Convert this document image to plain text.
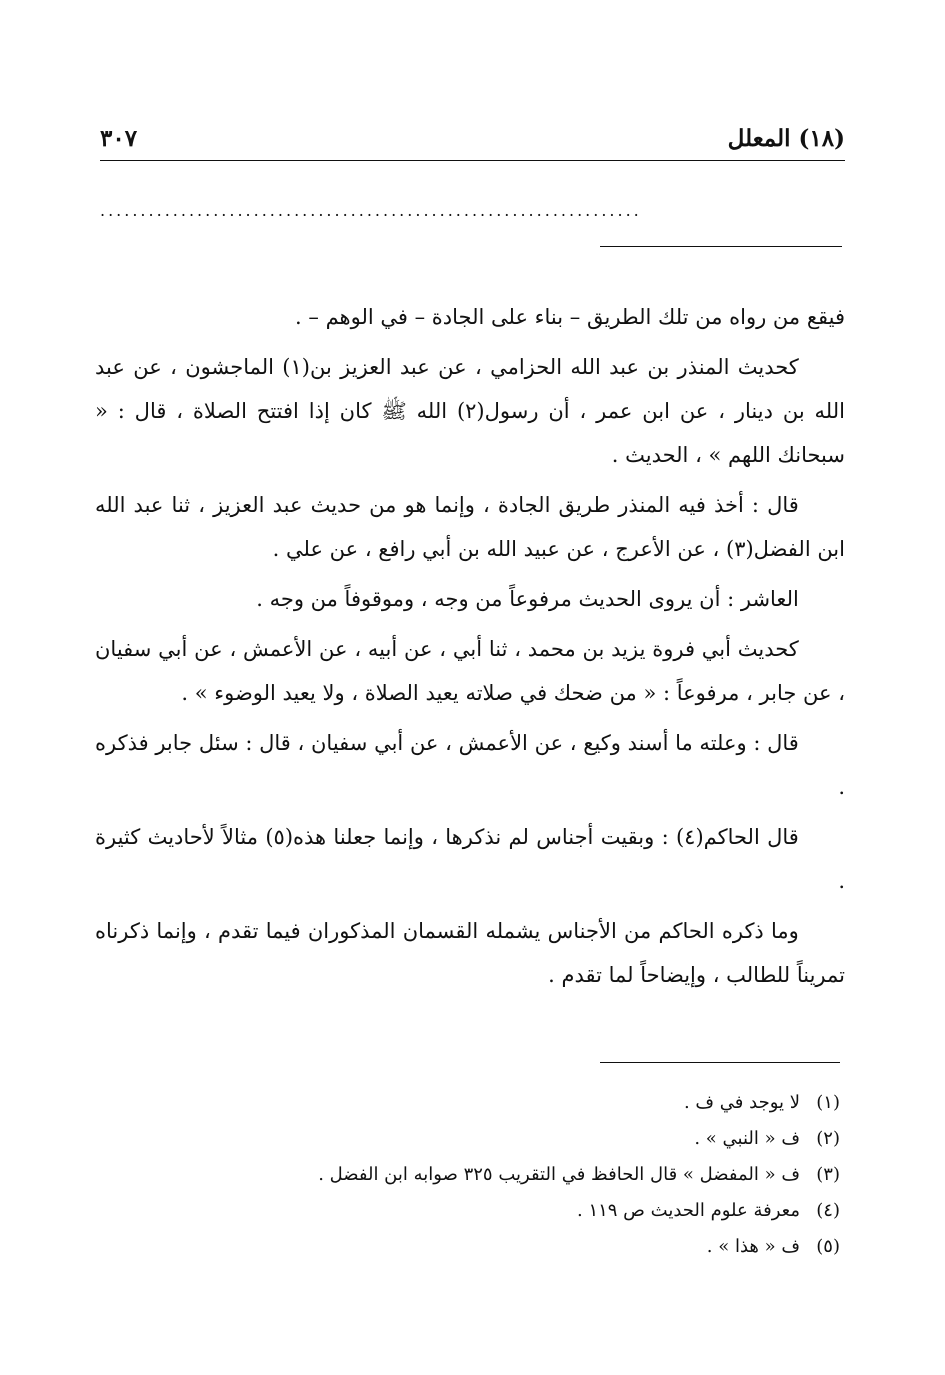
(١٨) المعلل
٣٠٧
...................................................................

فيقع من رواه من تلك الطريق – بناء على الجادة – في الوهم – .

كحديث المنذر بن عبد الله الحزامي ، عن عبد العزيز بن(١) الماجشون ، عن عبد الله بن دينار ، عن ابن عمر ، أن رسول(٢) الله ﷺ كان إذا افتتح الصلاة ، قال : « سبحانك اللهم » ، الحديث .

قال : أخذ فيه المنذر طريق الجادة ، وإنما هو من حديث عبد العزيز ، ثنا عبد الله ابن الفضل(٣) ، عن الأعرج ، عن عبيد الله بن أبي رافع ، عن علي .

العاشر : أن يروى الحديث مرفوعاً من وجه ، وموقوفاً من وجه .

كحديث أبي فروة يزيد بن محمد ، ثنا أبي ، عن أبيه ، عن الأعمش ، عن أبي سفيان ، عن جابر ، مرفوعاً : « من ضحك في صلاته يعيد الصلاة ، ولا يعيد الوضوء » .

قال : وعلته ما أسند وكيع ، عن الأعمش ، عن أبي سفيان ، قال : سئل جابر فذكره .

قال الحاكم(٤) : وبقيت أجناس لم نذكرها ، وإنما جعلنا هذه(٥) مثالاً لأحاديث كثيرة .

وما ذكره الحاكم من الأجناس يشمله القسمان المذكوران فيما تقدم ، وإنما ذكرناه تمريناً للطالب ، وإيضاحاً لما تقدم .

(١)لا يوجد في ف .

(٢)ف « النبي » .

(٣)ف « المفضل » قال الحافظ في التقريب ٣٢٥ صوابه ابن الفضل .

(٤)معرفة علوم الحديث ص ١١٩ .

(٥)ف « هذا » .
